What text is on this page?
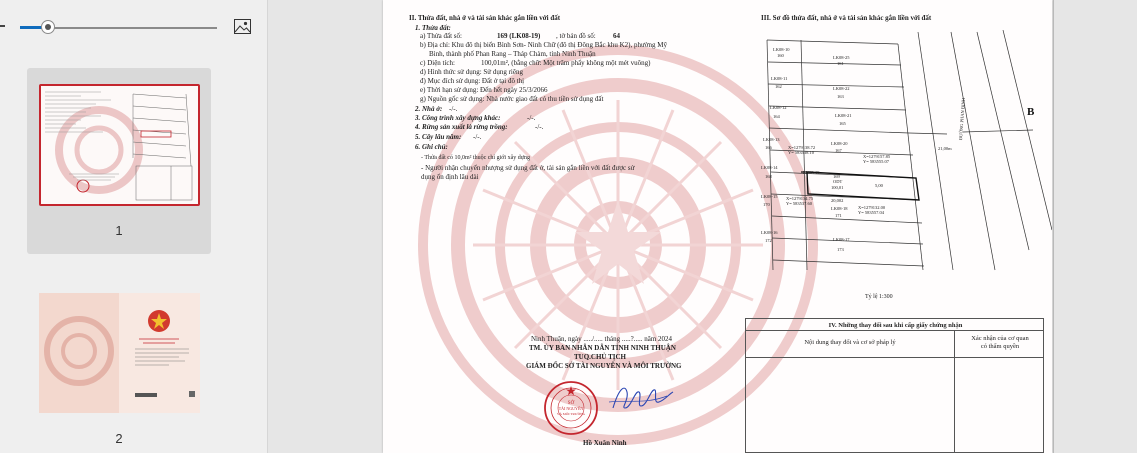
1
2
II. Thửa đất, nhà ở và tài sản khác gắn liền với đất
1. Thửa đất:
a) Thửa đất số:	169 (LK08-19) , tờ bản đồ số: 64
b) Địa chỉ: Khu đô thị biển Bình Sơn- Ninh Chữ (đô thị Đông Bắc khu K2), phường Mỹ
Bình, thành phố Phan Rang – Tháp Chàm, tỉnh Ninh Thuận
c) Diện tích:	100,01m², (bằng chữ: Một trăm phẩy không một mét vuông)
d) Hình thức sử dụng: Sử dụng riêng
đ) Mục đích sử dụng: Đất ở tại đô thị
e) Thời hạn sử dụng: Đến hết ngày 25/3/2066
g) Nguồn gốc sử dụng: Nhà nước giao đất có thu tiền sử dụng đất
2. Nhà ở: -/-.
3. Công trình xây dựng khác:	-/-.
4. Rừng sản xuất là rừng trồng:	-/-.
5. Cây lâu năm: -/-.
6. Ghi chú:
- Thửa đất có 10,0m² thuộc chỉ giới xây dựng
- Người nhận chuyển nhượng sử dụng đất ở, tài sản gắn liền với đất được sử
dụng ổn định lâu dài
III. Sơ đồ thửa đất, nhà ở và tài sản khác gắn liền với đất
LK08-10
160	LK08-25
161
LK08-11
162	LK08-22
163
LK08-12
164	LK08-21
165
LK08-13
166
LK08-20
167
LK08-14
168
LK08-19
169
ODT
100,01
LK08-15
170
LK08-18
171
LK08-16
172	LK08-17
173
X=1279138.72
Y= 583538.10
X=1279157.85
Y= 583555.07
X=1279134.75
Y= 583537.60
X=1279132.00
Y= 583557.04
20,002
5,00
21,00m
ĐƯỜNG PHAN ĐỊNH	B
Tỷ lệ 1:300
IV. Những thay đổi sau khi cấp giấy chứng nhận
Nội dung thay đổi và cơ sở pháp lý
Xác nhận của cơ quan
có thẩm quyền
Ninh Thuận, ngày ...../..... tháng .....?..... năm 2024
TM. ỦY BAN NHÂN DÂN TỈNH NINH THUẬN
TUQ.CHỦ TỊCH
GIÁM ĐỐC SỞ TÀI NGUYÊN VÀ MÔI TRƯỜNG
SỞ
TÀI NGUYÊN
VÀ MÔI TRƯỜNG
Hồ Xuân Ninh
